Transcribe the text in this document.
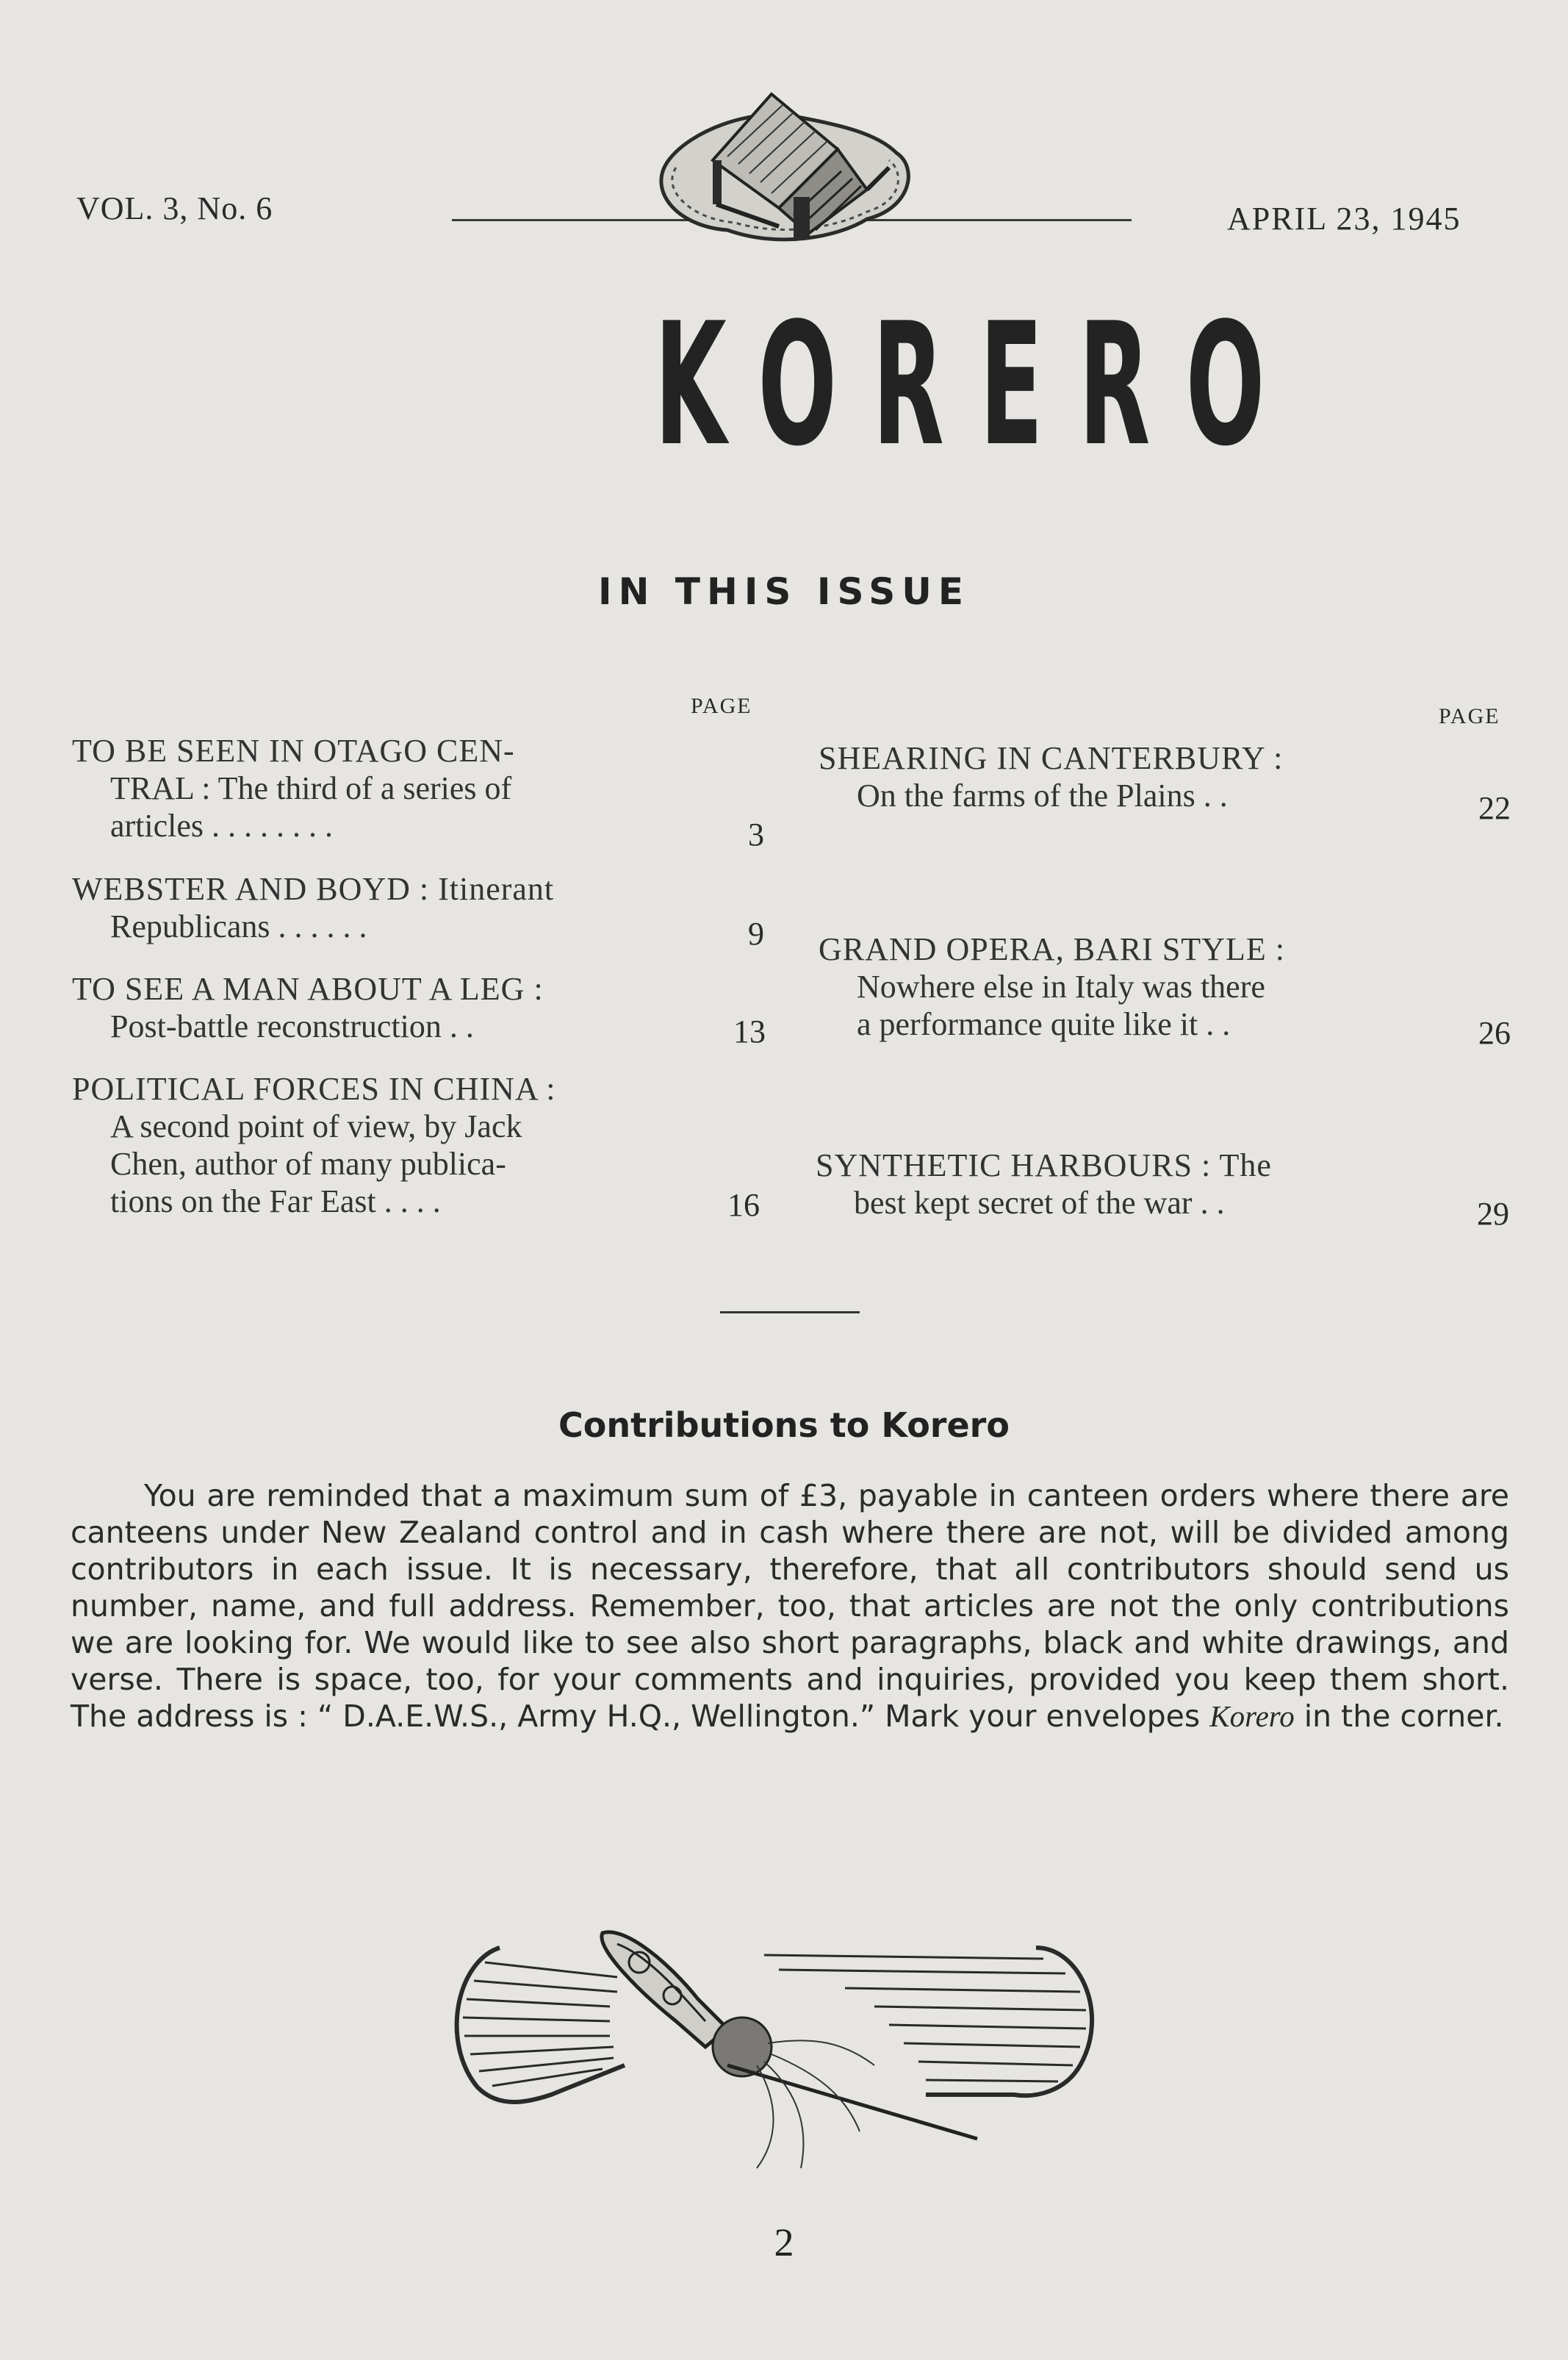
VOL. 3, No. 6	APRIL 23, 1945
KORERO
IN THIS ISSUE
PAGE
TO BE SEEN IN OTAGO CEN-
TRAL : The third of a series of
articles . . . . . . . .	3
WEBSTER AND BOYD : Itinerant
Republicans . . . . . .	9
TO SEE A MAN ABOUT A LEG :
Post-battle reconstruction . .	13
POLITICAL FORCES IN CHINA :
A second point of view, by Jack
Chen, author of many publica-
tions on the Far East . . . .	16
PAGE
SHEARING IN CANTERBURY :
On the farms of the Plains . .	22
GRAND OPERA, BARI STYLE :
Nowhere else in Italy was there
a performance quite like it . .	26
SYNTHETIC HARBOURS : The
best kept secret of the war . .	29
Contributions to Korero
You are reminded that a maximum sum of £3, payable in canteen orders where there are canteens under New Zealand control and in cash where there are not, will be divided among contributors in each issue. It is necessary, therefore, that all contributors should send us number, name, and full address. Remember, too, that articles are not the only contributions we are looking for. We would like to see also short paragraphs, black and white drawings, and verse. There is space, too, for your comments and inquiries, provided you keep them short. The address is : “ D.A.E.W.S., Army H.Q., Wellington.” Mark your envelopes Korero in the corner.
2
